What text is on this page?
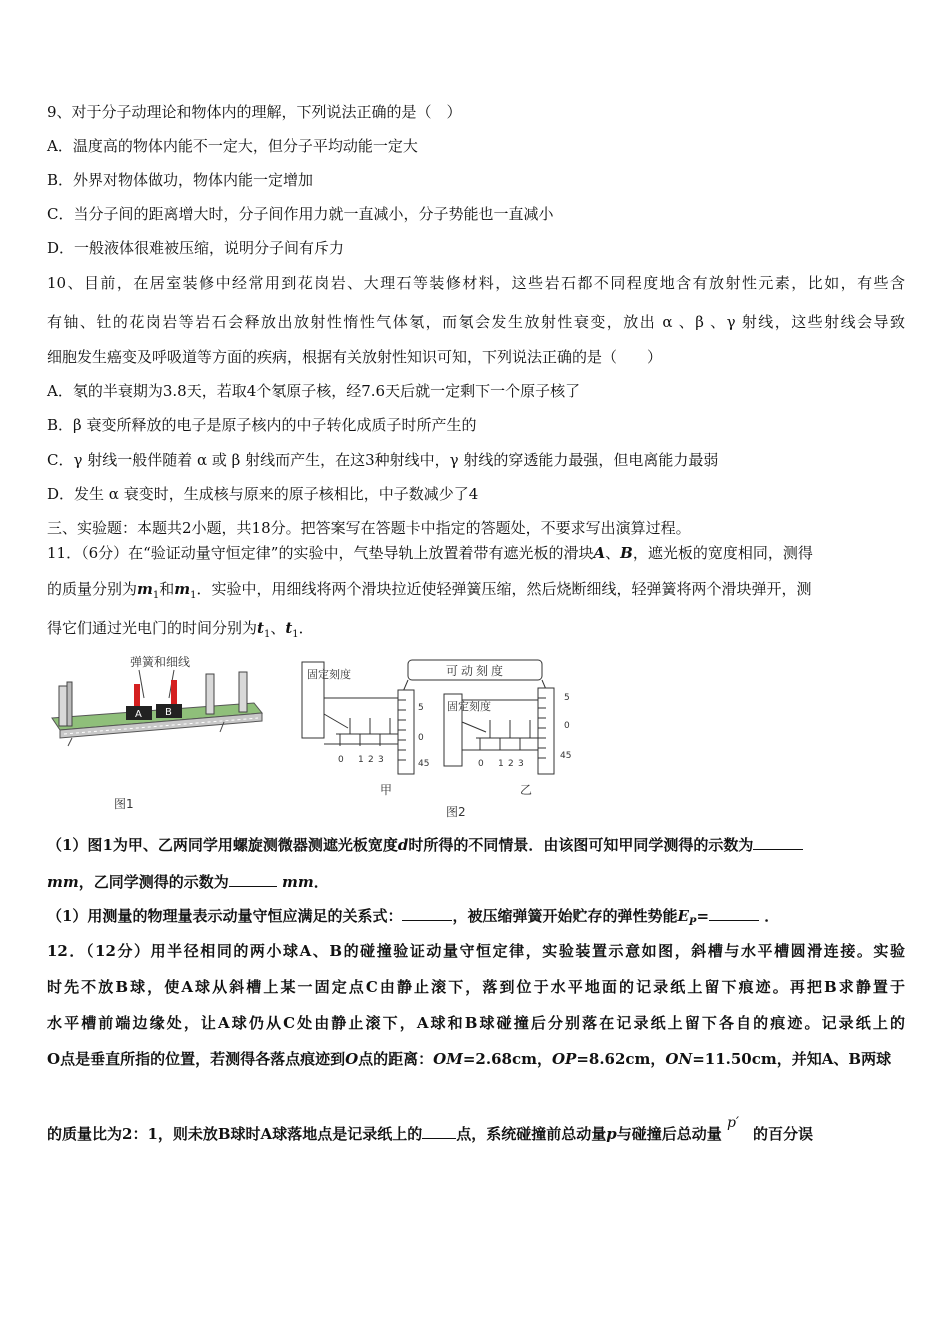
9、对于分子动理论和物体内的理解，下列说法正确的是（　）
A．温度高的物体内能不一定大，但分子平均动能一定大
B．外界对物体做功，物体内能一定增加
C．当分子间的距离增大时，分子间作用力就一直减小，分子势能也一直减小
D．一般液体很难被压缩，说明分子间有斥力
10、目前，在居室装修中经常用到花岗岩、大理石等装修材料，这些岩石都不同程度地含有放射性元素，比如，有些含
有铀、钍的花岗岩等岩石会释放出放射性惰性气体氡，而氡会发生放射性衰变，放出 α 、β 、γ 射线，这些射线会导致
细胞发生癌变及呼吸道等方面的疾病，根据有关放射性知识可知，下列说法正确的是（　　）
A．氡的半衰期为3.8天，若取4个氡原子核，经7.6天后就一定剩下一个原子核了
B．β 衰变所释放的电子是原子核内的中子转化成质子时所产生的
C．γ 射线一般伴随着 α 或 β 射线而产生，在这3种射线中，γ 射线的穿透能力最强，但电离能力最弱
D．发生 α 衰变时，生成核与原来的原子核相比，中子数减少了4
三、实验题：本题共2小题，共18分。把答案写在答题卡中指定的答题处，不要求写出演算过程。
11．（6分）在“验证动量守恒定律”的实验中，气垫导轨上放置着带有遮光板的滑块A、B，遮光板的宽度相同，测得
的质量分别为$m_1$和$m_1$．实验中，用细线将两个滑块拉近使轻弹簧压缩，然后烧断细线，轻弹簧将两个滑块弹开，测
得它们通过光电门的时间分别为$t_1$、$t_1$．
弹簧和细线
A B
图1
可动刻度
固定刻度
0 1 2 3
5
0
45
甲
固定刻度
0 1 2 3
5
0
45
乙
图2
（1）图1为甲、乙两同学用螺旋测微器测遮光板宽度d时所得的不同情景．由该图可知甲同学测得的示数为
mm，乙同学测得的示数为	mm．
（1）用测量的物理量表示动量守恒应满足的关系式：	，被压缩弹簧开始贮存的弹性势能$E_P=$	．
12．（12分）用半径相同的两小球A、B的碰撞验证动量守恒定律，实验装置示意如图，斜槽与水平槽圆滑连接。实验
时先不放B球，使A球从斜槽上某一固定点C由静止滚下，落到位于水平地面的记录纸上留下痕迹。再把B求静置于
水平槽前端边缘处，让A球仍从C处由静止滚下，A球和B球碰撞后分别落在记录纸上留下各自的痕迹。记录纸上的
O点是垂直所指的位置，若测得各落点痕迹到O点的距离：OM=2.68cm，OP=8.62cm，ON=11.50cm，并知A、B两球
的质量比为2：1，则未放B球时A球落地点是记录纸上的 点，系统碰撞前总动量p与碰撞后总动量 p′的百分误
